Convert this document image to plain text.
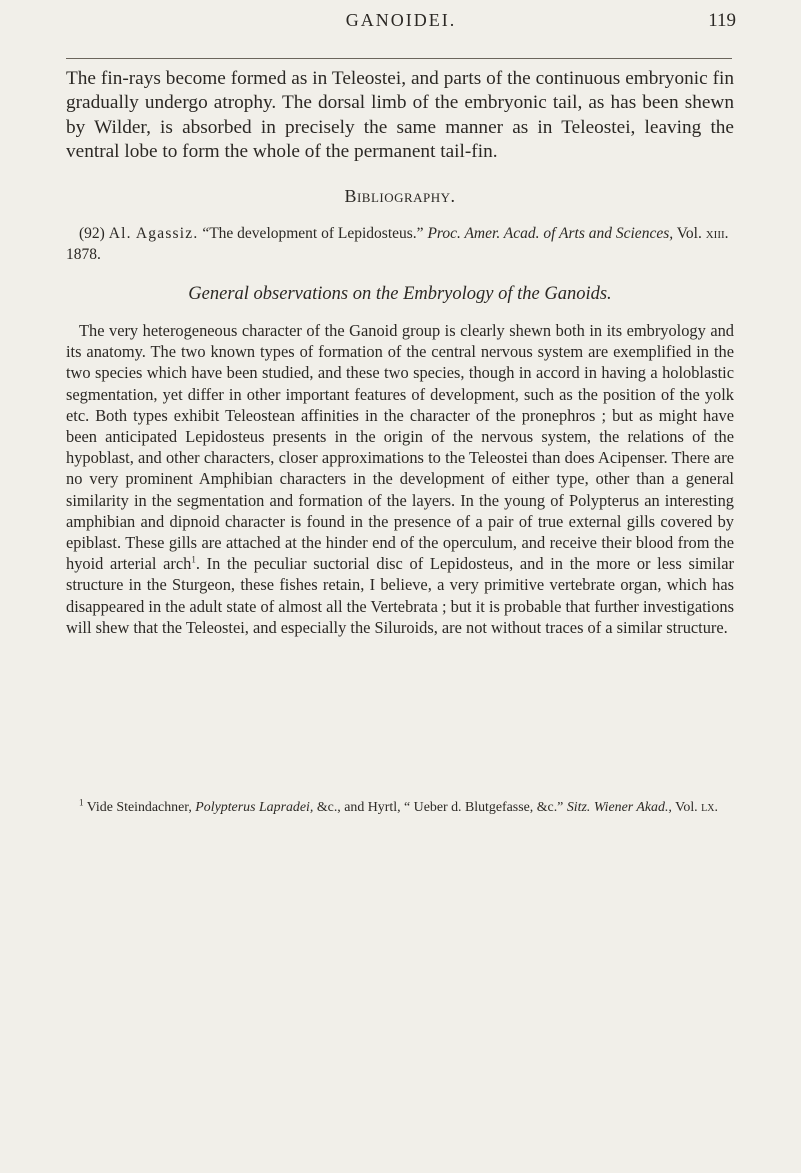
GANOIDEI.	119

The fin-rays become formed as in Teleostei, and parts of the continuous embryonic fin gradually undergo atrophy. The dorsal limb of the embryonic tail, as has been shewn by Wilder, is absorbed in precisely the same manner as in Teleostei, leaving the ventral lobe to form the whole of the permanent tail-fin.

Bibliography.

(92) Al. Agassiz. “The development of Lepidosteus.” Proc. Amer. Acad. of Arts and Sciences, Vol. xiii. 1878.

General observations on the Embryology of the Ganoids.

The very heterogeneous character of the Ganoid group is clearly shewn both in its embryology and its anatomy. The two known types of formation of the central nervous system are exemplified in the two species which have been studied, and these two species, though in accord in having a holoblastic segmentation, yet differ in other important features of development, such as the position of the yolk etc. Both types exhibit Teleostean affinities in the character of the pronephros ; but as might have been anticipated Lepidosteus presents in the origin of the nervous system, the relations of the hypoblast, and other characters, closer approximations to the Teleostei than does Acipenser. There are no very prominent Amphibian characters in the development of either type, other than a general similarity in the segmentation and formation of the layers. In the young of Polypterus an interesting amphibian and dipnoid character is found in the presence of a pair of true external gills covered by epiblast. These gills are attached at the hinder end of the operculum, and receive their blood from the hyoid arterial arch$^1$. In the peculiar suctorial disc of Lepidosteus, and in the more or less similar structure in the Sturgeon, these fishes retain, I believe, a very primitive vertebrate organ, which has disappeared in the adult state of almost all the Vertebrata ; but it is probable that further investigations will shew that the Teleostei, and especially the Siluroids, are not without traces of a similar structure.

$^1$ Vide Steindachner, Polypterus Lapradei, &c., and Hyrtl, “ Ueber d. Blutgefasse, &c.” Sitz. Wiener Akad., Vol. lx.
